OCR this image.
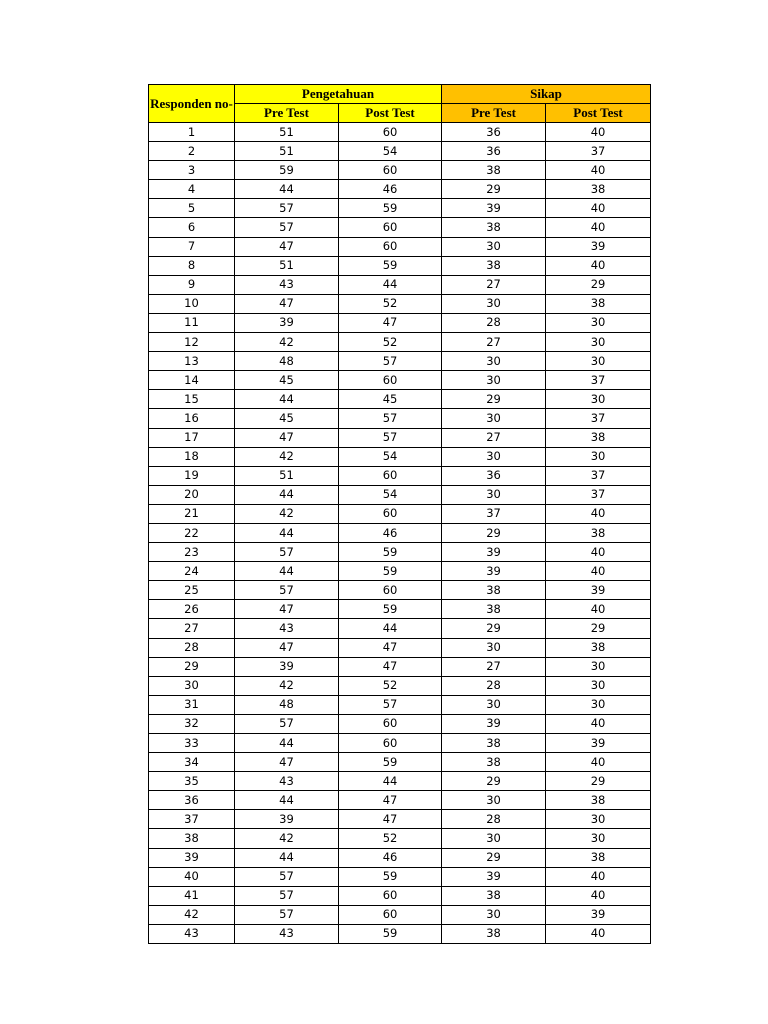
Responden no-	Pengetahuan		Sikap	
	Pre Test	Post Test	Pre Test	Post Test
1	51	60	36	40
2	51	54	36	37
3	59	60	38	40
4	44	46	29	38
5	57	59	39	40
6	57	60	38	40
7	47	60	30	39
8	51	59	38	40
9	43	44	27	29
10	47	52	30	38
11	39	47	28	30
12	42	52	27	30
13	48	57	30	30
14	45	60	30	37
15	44	45	29	30
16	45	57	30	37
17	47	57	27	38
18	42	54	30	30
19	51	60	36	37
20	44	54	30	37
21	42	60	37	40
22	44	46	29	38
23	57	59	39	40
24	44	59	39	40
25	57	60	38	39
26	47	59	38	40
27	43	44	29	29
28	47	47	30	38
29	39	47	27	30
30	42	52	28	30
31	48	57	30	30
32	57	60	39	40
33	44	60	38	39
34	47	59	38	40
35	43	44	29	29
36	44	47	30	38
37	39	47	28	30
38	42	52	30	30
39	44	46	29	38
40	57	59	39	40
41	57	60	38	40
42	57	60	30	39
43	43	59	38	40
